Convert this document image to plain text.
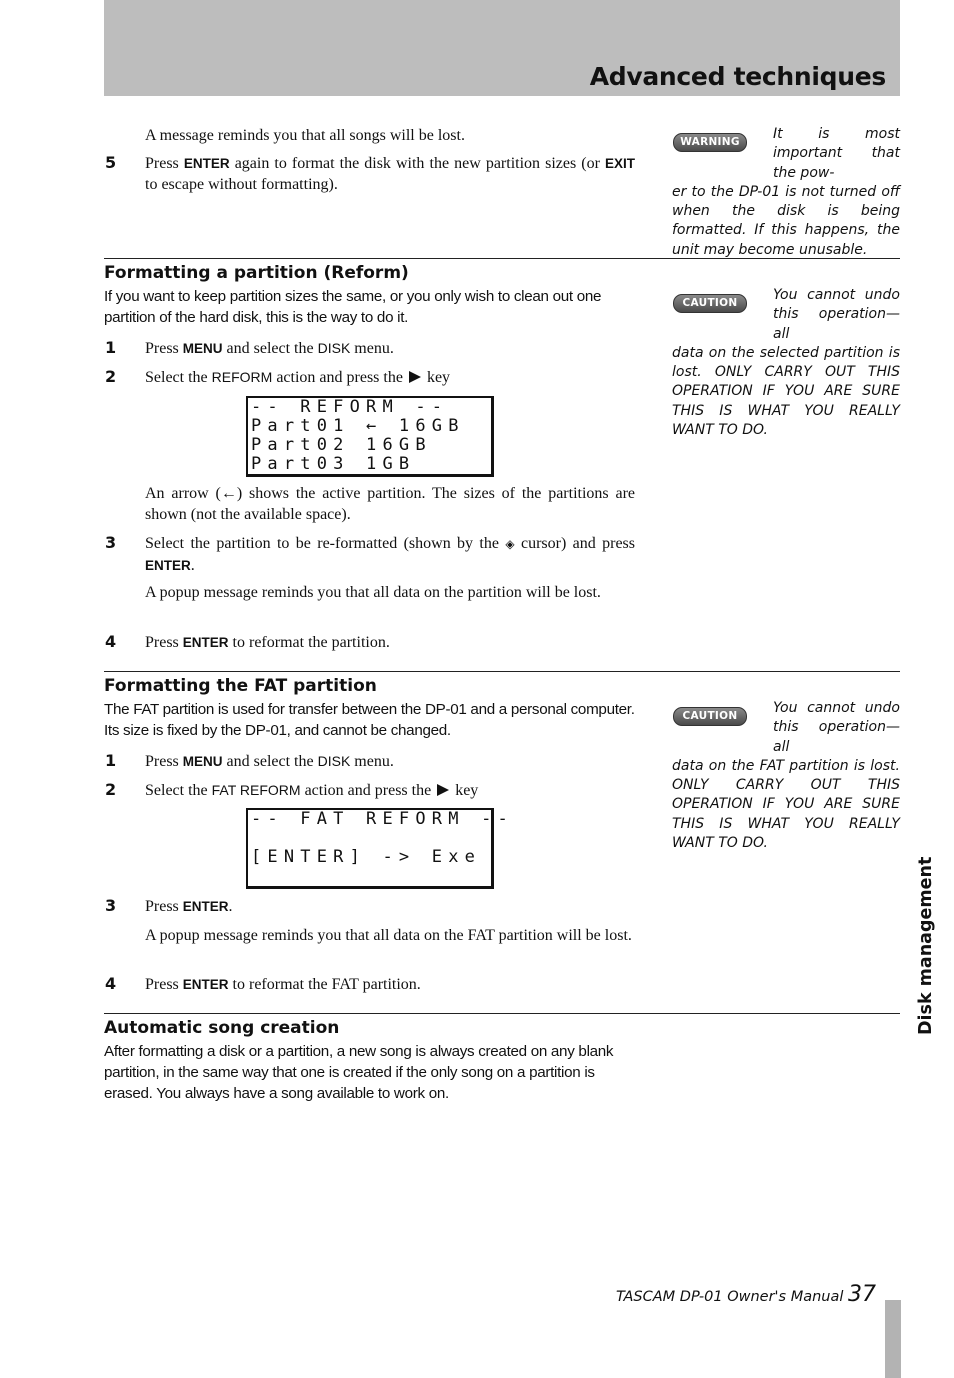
Advanced techniques
A message reminds you that all songs will be lost.
5 Press ENTER again to format the disk with the new partition sizes (or EXIT to escape without formatting).
WARNING	It is most important that the pow-
er to the DP-01 is not turned off when the disk is being formatted. If this happens, the unit may become unusable.
Formatting a partition (Reform)
If you want to keep partition sizes the same, or you only wish to clean out one partition of the hard disk, this is the way to do it.
1 Press MENU and select the DISK menu.
2 Select the REFORM action and press the  key
-- REFORM --
Part01 ← 16GB
Part02 16GB
Part03 1GB
An arrow (←) shows the active partition. The sizes of the partitions are shown (not the available space).
3 Select the partition to be re-formatted (shown by the ◈ cursor) and press ENTER.
A popup message reminds you that all data on the partition will be lost.
4 Press ENTER to reformat the partition.
CAUTION	You cannot undo this operation—all
data on the selected partition is lost. ONLY CARRY OUT THIS OPERATION IF YOU ARE SURE THIS IS WHAT YOU REALLY WANT TO DO.
Formatting the FAT partition
The FAT partition is used for transfer between the DP-01 and a personal computer. Its size is fixed by the DP-01, and cannot be changed.
1 Press MENU and select the DISK menu.
2 Select the FAT REFORM action and press the  key
-- FAT REFORM --
[ENTER] -> Exe
3 Press ENTER.
A popup message reminds you that all data on the FAT partition will be lost.
4 Press ENTER to reformat the FAT partition.
CAUTION	You cannot undo this operation—all
data on the FAT partition is lost. ONLY CARRY OUT THIS OPERATION IF YOU ARE SURE THIS IS WHAT YOU REALLY WANT TO DO.
Automatic song creation
After formatting a disk or a partition, a new song is always created on any blank partition, in the same way that one is created if the only song on a partition is erased. You always have a song available to work on.
Disk management
TASCAM DP-01 Owner's Manual 37
